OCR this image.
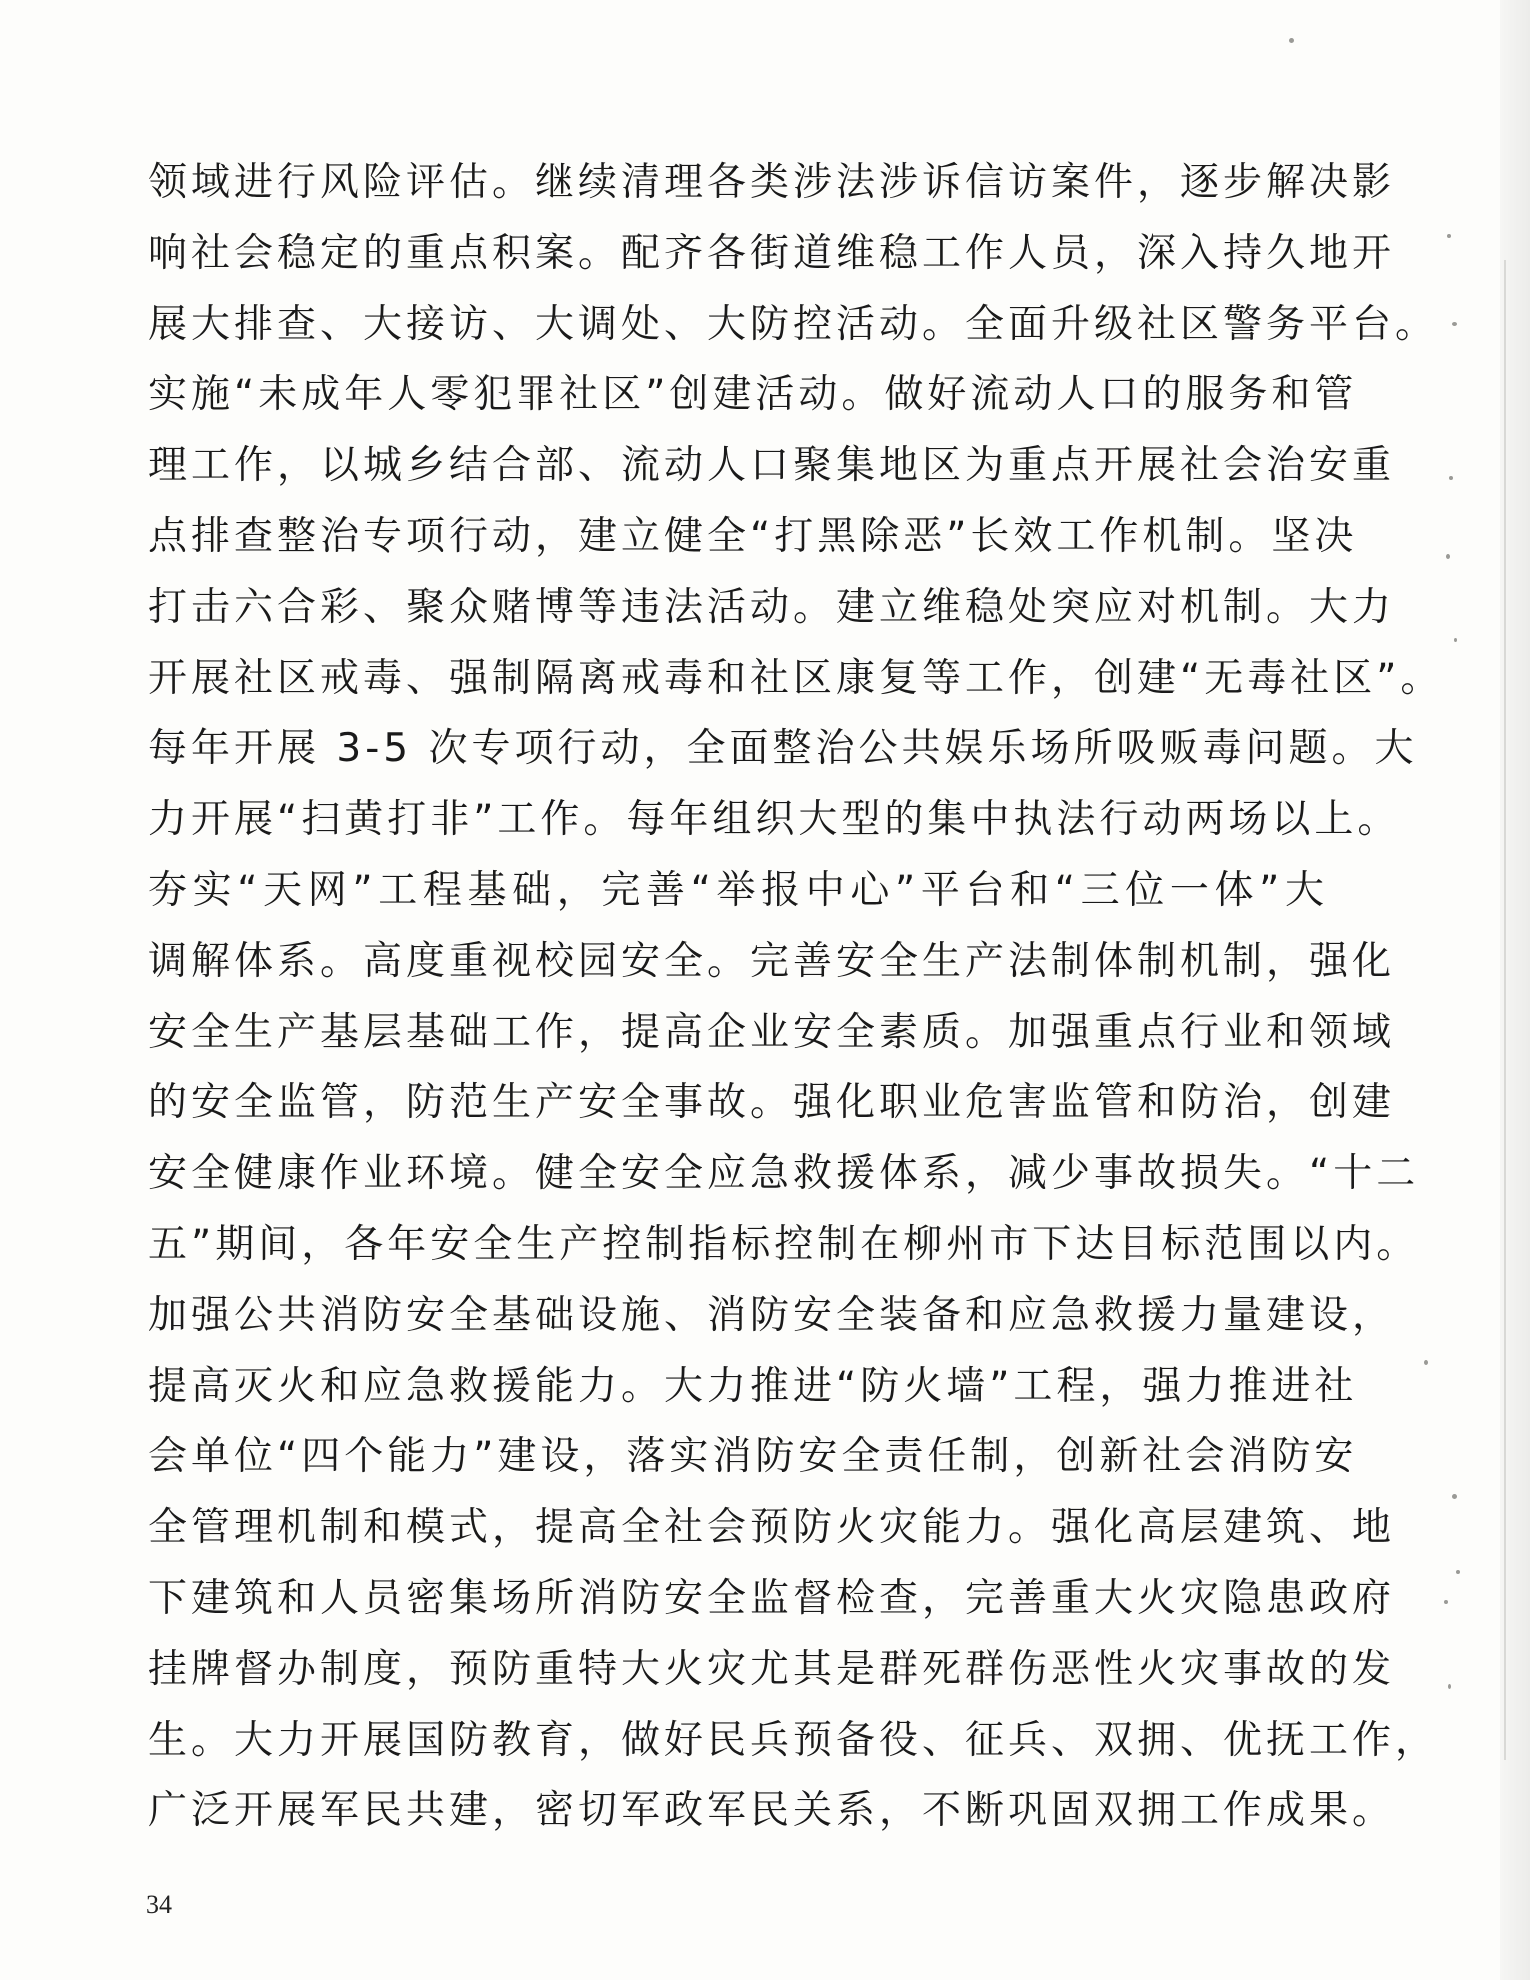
领域进行风险评估。继续清理各类涉法涉诉信访案件，逐步解决影
响社会稳定的重点积案。配齐各街道维稳工作人员，深入持久地开
展大排查、大接访、大调处、大防控活动。全面升级社区警务平台。
实施“未成年人零犯罪社区”创建活动。做好流动人口的服务和管
理工作，以城乡结合部、流动人口聚集地区为重点开展社会治安重
点排查整治专项行动，建立健全“打黑除恶”长效工作机制。坚决
打击六合彩、聚众赌博等违法活动。建立维稳处突应对机制。大力
开展社区戒毒、强制隔离戒毒和社区康复等工作，创建“无毒社区”。
每年开展 3-5 次专项行动，全面整治公共娱乐场所吸贩毒问题。大
力开展“扫黄打非”工作。每年组织大型的集中执法行动两场以上。
夯实“天网”工程基础，完善“举报中心”平台和“三位一体”大
调解体系。高度重视校园安全。完善安全生产法制体制机制，强化
安全生产基层基础工作，提高企业安全素质。加强重点行业和领域
的安全监管，防范生产安全事故。强化职业危害监管和防治，创建
安全健康作业环境。健全安全应急救援体系，减少事故损失。“十二
五”期间，各年安全生产控制指标控制在柳州市下达目标范围以内。
加强公共消防安全基础设施、消防安全装备和应急救援力量建设，
提高灭火和应急救援能力。大力推进“防火墙”工程，强力推进社
会单位“四个能力”建设，落实消防安全责任制，创新社会消防安
全管理机制和模式，提高全社会预防火灾能力。强化高层建筑、地
下建筑和人员密集场所消防安全监督检查，完善重大火灾隐患政府
挂牌督办制度，预防重特大火灾尤其是群死群伤恶性火灾事故的发
生。大力开展国防教育，做好民兵预备役、征兵、双拥、优抚工作，
广泛开展军民共建，密切军政军民关系，不断巩固双拥工作成果。
34
